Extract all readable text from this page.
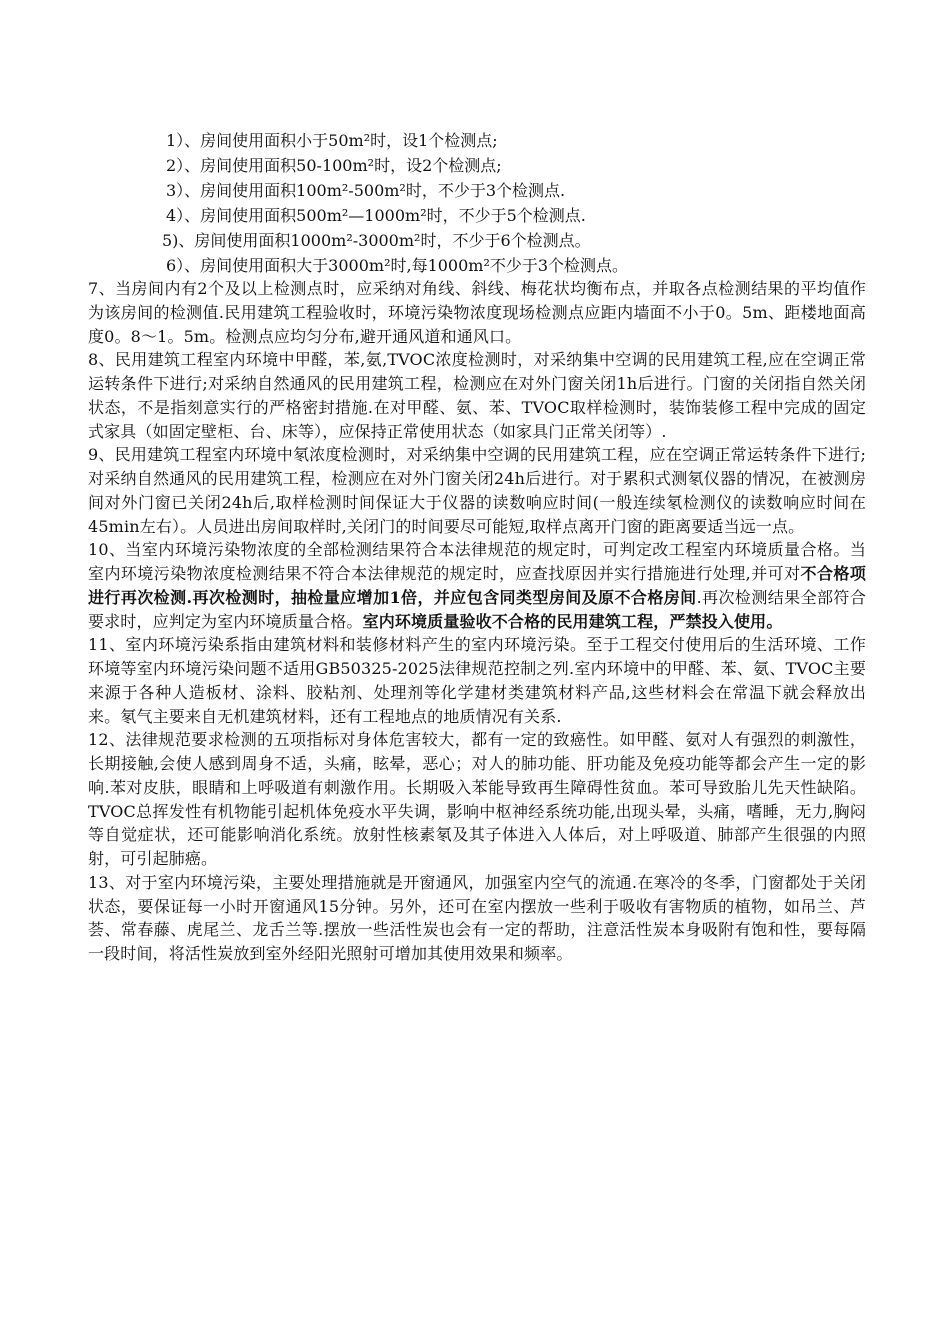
1）、房间使用面积小于50m²时，设1个检测点;
2）、房间使用面积50-100m²时，设2个检测点;
3）、房间使用面积100m²-500m²时，不少于3个检测点.
4）、房间使用面积500m²—1000m²时，不少于5个检测点.
5)、房间使用面积1000m²-3000m²时，不少于6个检测点。
6）、房间使用面积大于3000m²时,每1000m²不少于3个检测点。

7、当房间内有2个及以上检测点时，应采纳对角线、斜线、梅花状均衡布点，并取各点检测结果的平均值作为该房间的检测值.民用建筑工程验收时，环境污染物浓度现场检测点应距内墙面不小于0。5m、距楼地面高度0。8～1。5m。检测点应均匀分布,避开通风道和通风口。

8、民用建筑工程室内环境中甲醛，苯,氨,TVOC浓度检测时，对采纳集中空调的民用建筑工程,应在空调正常运转条件下进行;对采纳自然通风的民用建筑工程，检测应在对外门窗关闭1h后进行。门窗的关闭指自然关闭状态，不是指刻意实行的严格密封措施.在对甲醛、氨、苯、TVOC取样检测时，装饰装修工程中完成的固定式家具（如固定壁柜、台、床等），应保持正常使用状态（如家具门正常关闭等）.

9、民用建筑工程室内环境中氡浓度检测时，对采纳集中空调的民用建筑工程，应在空调正常运转条件下进行;对采纳自然通风的民用建筑工程，检测应在对外门窗关闭24h后进行。对于累积式测氡仪器的情况，在被测房间对外门窗已关闭24h后,取样检测时间保证大于仪器的读数响应时间(一般连续氡检测仪的读数响应时间在45min左右）。人员进出房间取样时,关闭门的时间要尽可能短,取样点离开门窗的距离要适当远一点。

10、当室内环境污染物浓度的全部检测结果符合本法律规范的规定时，可判定改工程室内环境质量合格。当室内环境污染物浓度检测结果不符合本法律规范的规定时，应查找原因并实行措施进行处理,并可对不合格项进行再次检测.再次检测时，抽检量应增加1倍，并应包含同类型房间及原不合格房间.再次检测结果全部符合要求时，应判定为室内环境质量合格。室内环境质量验收不合格的民用建筑工程，严禁投入使用。

11、室内环境污染系指由建筑材料和装修材料产生的室内环境污染。至于工程交付使用后的生活环境、工作环境等室内环境污染问题不适用GB50325-2025法律规范控制之列.室内环境中的甲醛、苯、氨、TVOC主要来源于各种人造板材、涂料、胶粘剂、处理剂等化学建材类建筑材料产品,这些材料会在常温下就会释放出来。氡气主要来自无机建筑材料，还有工程地点的地质情况有关系.

12、法律规范要求检测的五项指标对身体危害较大，都有一定的致癌性。如甲醛、氨对人有强烈的刺激性，长期接触,会使人感到周身不适，头痛，眩晕，恶心；对人的肺功能、肝功能及免疫功能等都会产生一定的影响.苯对皮肤，眼睛和上呼吸道有刺激作用。长期吸入苯能导致再生障碍性贫血。苯可导致胎儿先天性缺陷。TVOC总挥发性有机物能引起机体免疫水平失调，影响中枢神经系统功能,出现头晕，头痛，嗜睡，无力,胸闷等自觉症状，还可能影响消化系统。放射性核素氡及其子体进入人体后，对上呼吸道、肺部产生很强的内照射，可引起肺癌。

13、对于室内环境污染，主要处理措施就是开窗通风，加强室内空气的流通.在寒冷的冬季，门窗都处于关闭状态，要保证每一小时开窗通风15分钟。另外，还可在室内摆放一些利于吸收有害物质的植物，如吊兰、芦荟、常春藤、虎尾兰、龙舌兰等.摆放一些活性炭也会有一定的帮助，注意活性炭本身吸附有饱和性，要每隔一段时间，将活性炭放到室外经阳光照射可增加其使用效果和频率。
